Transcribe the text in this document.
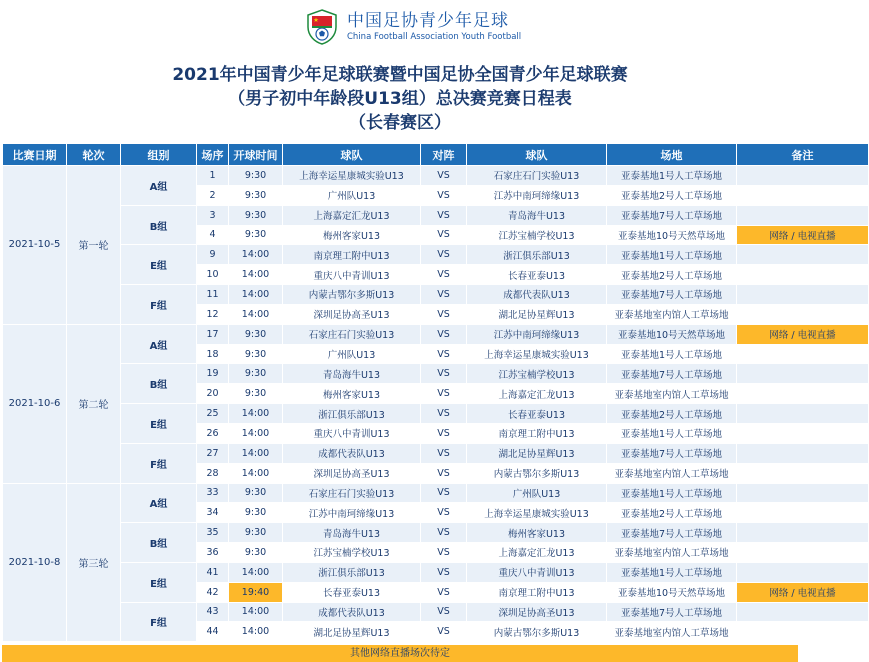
中国足协青少年足球
China Football Association Youth Football
2021年中国青少年足球联赛暨中国足协全国青少年足球联赛
（男子初中年龄段U13组）总决赛竞赛日程表
（长春赛区）
比赛日期	轮次	组别	场序	开球时间	球队	对阵	球队	场地	备注
2021-10-5	第一轮	A组	1	9:30	上海幸运星康城实验U13	VS	石家庄石门实验U13	亚泰基地1号人工草场地	
			2	9:30	广州队U13	VS	江苏中南珂缔缘U13	亚泰基地2号人工草场地	
		B组	3	9:30	上海嘉定汇龙U13	VS	青岛海牛U13	亚泰基地7号人工草场地	
			4	9:30	梅州客家U13	VS	江苏宝楠学校U13	亚泰基地10号天然草场地	网络 / 电视直播
		E组	9	14:00	南京理工附中U13	VS	浙江俱乐部U13	亚泰基地1号人工草场地	
			10	14:00	重庆八中青训U13	VS	长春亚泰U13	亚泰基地2号人工草场地	
		F组	11	14:00	内蒙古鄂尔多斯U13	VS	成都代表队U13	亚泰基地7号人工草场地	
			12	14:00	深圳足协高圣U13	VS	湖北足协星辉U13	亚泰基地室内馆人工草场地	
2021-10-6	第二轮	A组	17	9:30	石家庄石门实验U13	VS	江苏中南珂缔缘U13	亚泰基地10号天然草场地	网络 / 电视直播
			18	9:30	广州队U13	VS	上海幸运星康城实验U13	亚泰基地1号人工草场地	
		B组	19	9:30	青岛海牛U13	VS	江苏宝楠学校U13	亚泰基地7号人工草场地	
			20	9:30	梅州客家U13	VS	上海嘉定汇龙U13	亚泰基地室内馆人工草场地	
		E组	25	14:00	浙江俱乐部U13	VS	长春亚泰U13	亚泰基地2号人工草场地	
			26	14:00	重庆八中青训U13	VS	南京理工附中U13	亚泰基地1号人工草场地	
		F组	27	14:00	成都代表队U13	VS	湖北足协星辉U13	亚泰基地7号人工草场地	
			28	14:00	深圳足协高圣U13	VS	内蒙古鄂尔多斯U13	亚泰基地室内馆人工草场地	
2021-10-8	第三轮	A组	33	9:30	石家庄石门实验U13	VS	广州队U13	亚泰基地1号人工草场地	
			34	9:30	江苏中南珂缔缘U13	VS	上海幸运星康城实验U13	亚泰基地2号人工草场地	
		B组	35	9:30	青岛海牛U13	VS	梅州客家U13	亚泰基地7号人工草场地	
			36	9:30	江苏宝楠学校U13	VS	上海嘉定汇龙U13	亚泰基地室内馆人工草场地	
		E组	41	14:00	浙江俱乐部U13	VS	重庆八中青训U13	亚泰基地1号人工草场地	
			42	19:40	长春亚泰U13	VS	南京理工附中U13	亚泰基地10号天然草场地	网络 / 电视直播
		F组	43	14:00	成都代表队U13	VS	深圳足协高圣U13	亚泰基地7号人工草场地	
			44	14:00	湖北足协星辉U13	VS	内蒙古鄂尔多斯U13	亚泰基地室内馆人工草场地	
其他网络直播场次待定
